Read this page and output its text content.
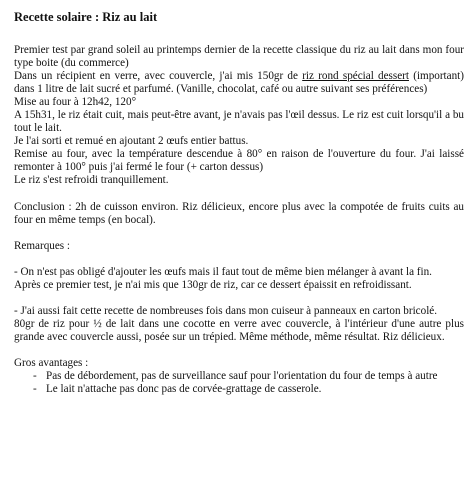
Recette solaire : Riz au lait

Premier test par grand soleil au printemps dernier de la recette classique du riz au lait dans mon four type boite (du commerce)

Dans un récipient en verre, avec couvercle, j'ai mis 150gr de riz rond spécial dessert (important) dans 1 litre de lait sucré et parfumé. (Vanille, chocolat, café ou autre suivant ses préférences)

Mise au four à 12h42, 120°

A 15h31, le riz était cuit, mais peut-être avant, je n'avais pas l'œil dessus. Le riz est cuit lorsqu'il a bu tout le lait.

Je l'ai sorti et remué en ajoutant 2 œufs entier battus.

Remise au four, avec la température descendue à 80° en raison de l'ouverture du four. J'ai laissé remonter à 100° puis j'ai fermé le four (+ carton dessus)

Le riz s'est refroidi tranquillement.

Conclusion : 2h de cuisson environ. Riz délicieux, encore plus avec la compotée de fruits cuits au four en même temps (en bocal).

Remarques :

- On n'est pas obligé d'ajouter les œufs mais il faut tout de même bien mélanger à avant la fin.

Après ce premier test, je n'ai mis que 130gr de riz, car ce dessert épaissit en refroidissant.

- J'ai aussi fait cette recette de nombreuses fois dans mon cuiseur à panneaux en carton bricolé.

80gr de riz pour ½ de lait dans une cocotte en verre avec couvercle, à l'intérieur d'une autre plus grande avec couvercle aussi, posée sur un trépied. Même méthode, même résultat. Riz délicieux.

Gros avantages :

- Pas de débordement, pas de surveillance sauf pour l'orientation du four de temps à autre
- Le lait n'attache pas donc pas de corvée-grattage de casserole.
